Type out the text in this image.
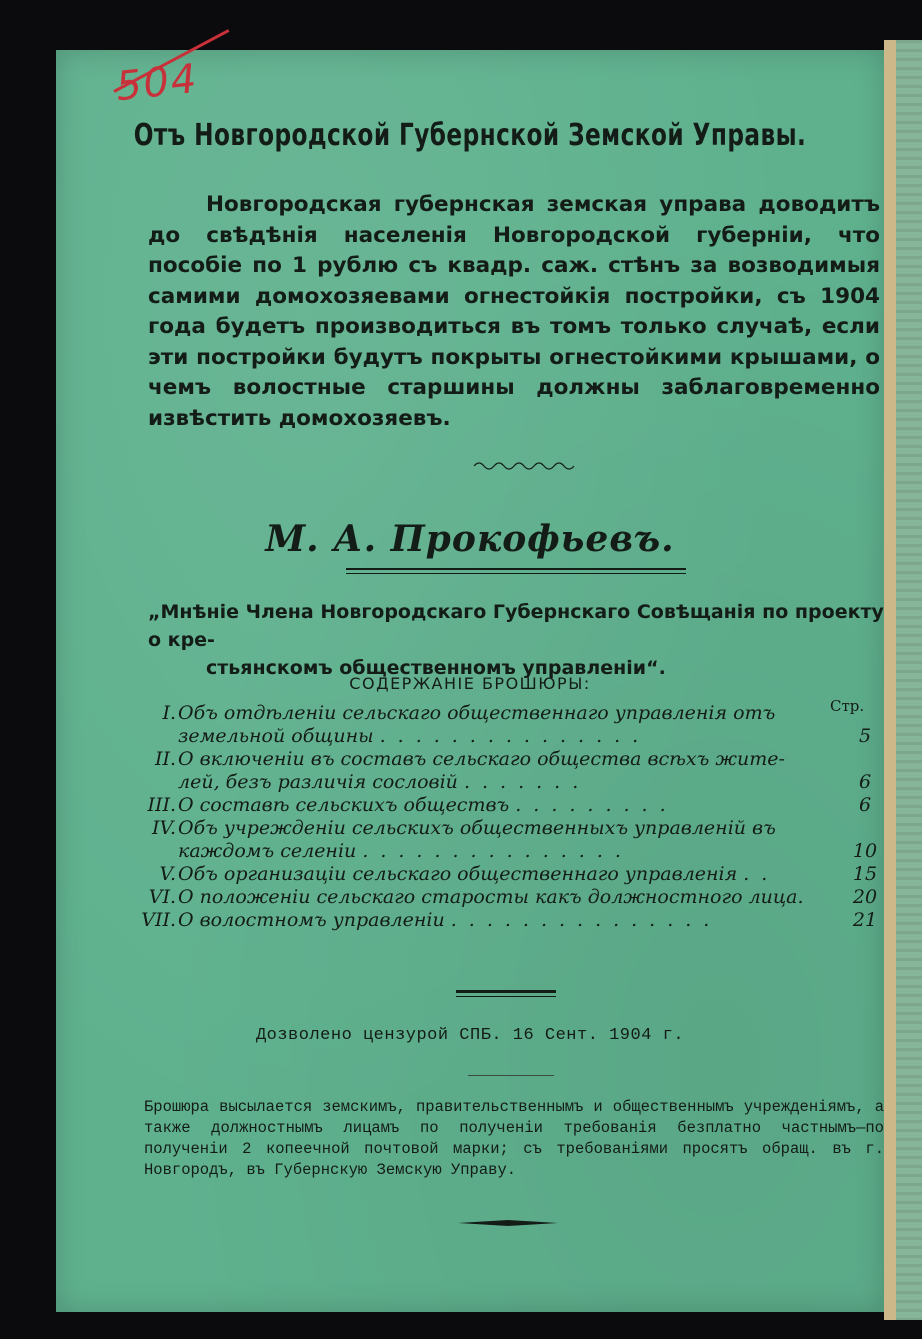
504
Отъ Новгородской Губернской Земской Управы.
Новгородская губернская земская управа доводитъ до свѣдѣнія населенія Новгородской губерніи, что пособіе по 1 рублю съ квадр. саж. стѣнъ за возводимыя самими домохозяевами огнестойкія постройки, съ 1904 года будетъ производиться въ томъ только случаѣ, если эти постройки будутъ покрыты огнестойкими крышами, о чемъ волостные старшины должны заблаговременно извѣстить домохозяевъ.
М. А. Прокофьевъ.
„Мнѣніе Члена Новгородскаго Губернскаго Совѣщанія по проекту о кре-
стьянскомъ общественномъ управленіи“.
СОДЕРЖАНІЕ БРОШЮРЫ:
Стр.
I. Объ отдѣленіи сельскаго общественнаго управленія отъ
земельной общины ...............	5
II. О включеніи въ составъ сельскаго общества всѣхъ жите-
лей, безъ различія сословій .......	6
III. О составѣ сельскихъ обществъ .........	6
IV. Объ учрежденіи сельскихъ общественныхъ управленій въ
каждомъ селеніи ...............	10
V. Объ организаціи сельскаго общественнаго управленія ..	15
VI. О положеніи сельскаго старосты какъ должностного лица.	20
VII. О волостномъ управленіи ...............	21
Дозволено цензурой СПБ. 16 Сент. 1904 г.
Брошюра высылается земскимъ, правительственнымъ и общественнымъ учрежденіямъ, а также должностнымъ лицамъ по полученіи требованія безплатно частнымъ—по полученіи 2 копеечной почтовой марки; съ требованіями просятъ обращ. въ г. Новгородъ, въ Губернскую Земскую Управу.
